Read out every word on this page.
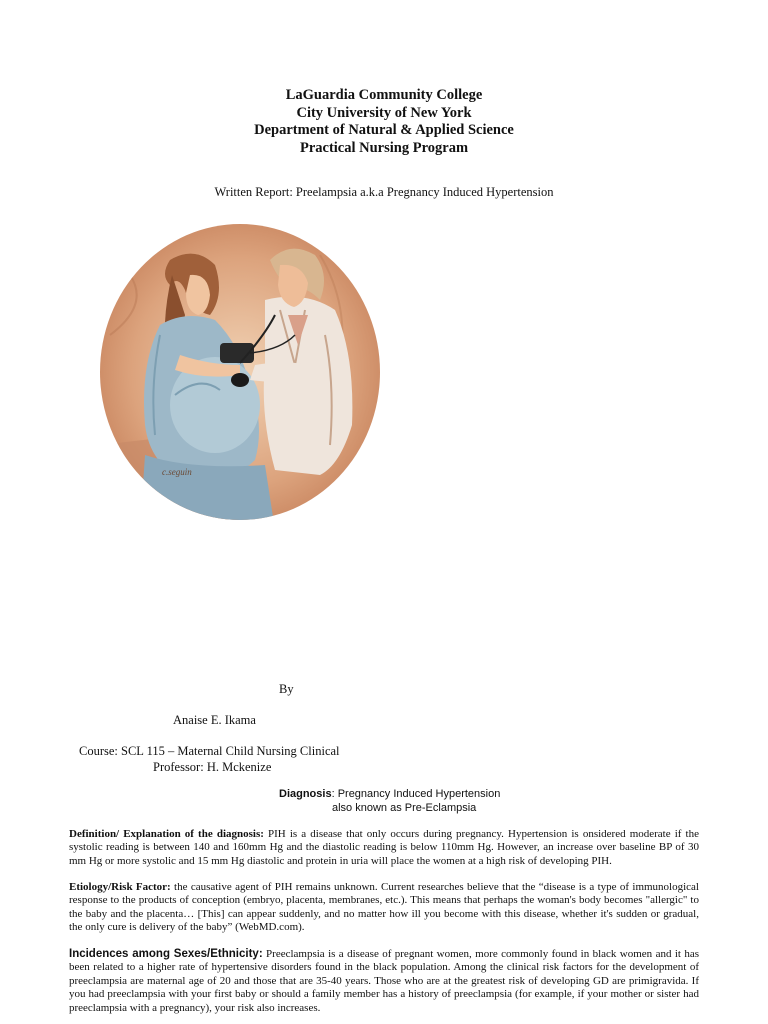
LaGuardia Community College
City University of New York
Department of Natural & Applied Science
Practical Nursing Program
Written Report: Preelampsia a.k.a Pregnancy Induced Hypertension
c.seguin
By
Anaise E. Ikama
Course: SCL 115 – Maternal Child Nursing Clinical
Professor: H. Mckenize
Diagnosis: Pregnancy Induced Hypertension
also known as Pre-Eclampsia
Definition/ Explanation of the diagnosis: PIH is a disease that only occurs during pregnancy. Hypertension is onsidered moderate if the systolic reading is between 140 and 160mm Hg and the diastolic reading is below 110mm Hg. However, an increase over baseline BP of 30 mm Hg or more systolic and 15 mm Hg diastolic and protein in uria will place the women at a high risk of developing PIH.
Etiology/Risk Factor: the causative agent of PIH remains unknown. Current researches believe that the “disease is a type of immunological response to the products of conception (embryo, placenta, membranes, etc.). This means that perhaps the woman's body becomes "allergic" to the baby and the placenta… [This] can appear suddenly, and no matter how ill you become with this disease, whether it's sudden or gradual, the only cure is delivery of the baby” (WebMD.com).
Incidences among Sexes/Ethnicity: Preeclampsia is a disease of pregnant women, more commonly found in black women and it has been related to a higher rate of hypertensive disorders found in the black population. Among the clinical risk factors for the development of preeclampsia are maternal age of 20 and those that are 35-40 years. Those who are at the greatest risk of developing GD are primigravida. If you had preeclampsia with your first baby or should a family member has a history of preeclampsia (for example, if your mother or sister had preeclampsia with a pregnancy), your risk also increases.
